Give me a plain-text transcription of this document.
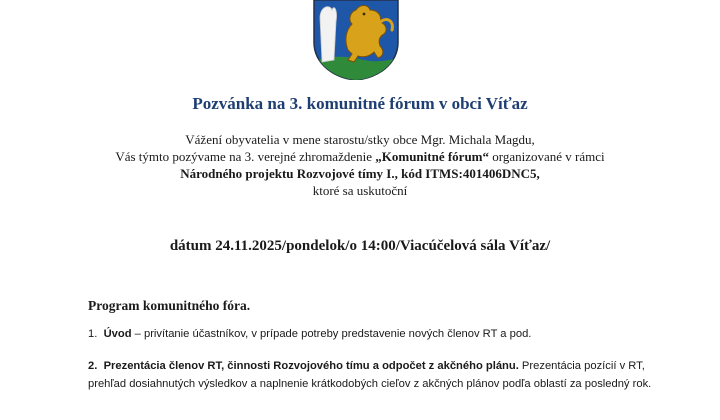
Pozvánka na 3. komunitné fórum v obci Víťaz
Vážení obyvatelia v mene starostu/stky obce Mgr. Michala Magdu,
Vás týmto pozývame na 3. verejné zhromaždenie „Komunitné fórum“ organizované v rámci
Národného projektu Rozvojové tímy I., kód ITMS:401406DNC5,
ktoré sa uskutoční
dátum 24.11.2025/pondelok/o 14:00/Viacúčelová sála Víťaz/
Program komunitného fóra.
1. Úvod – privítanie účastníkov, v prípade potreby predstavenie nových členov RT a pod.
2. Prezentácia členov RT, činnosti Rozvojového tímu a odpočet z akčného plánu. Prezentácia pozícií v RT, prehľad dosiahnutých výsledkov a naplnenie krátkodobých cieľov z akčných plánov podľa oblastí za posledný rok.
